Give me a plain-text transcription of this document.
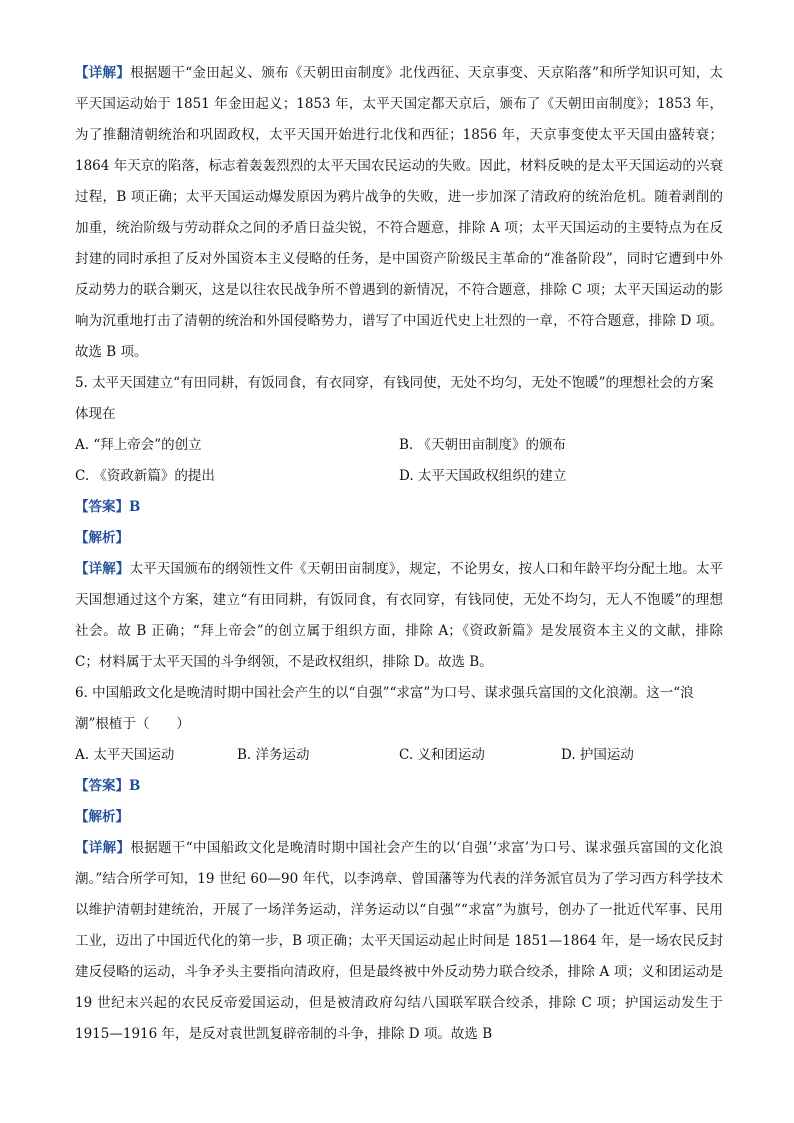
【详解】根据题干“金田起义、颁布《天朝田亩制度》北伐西征、天京事变、天京陷落”和所学知识可知，太平天国运动始于 1851 年金田起义；1853 年，太平天国定都天京后，颁布了《天朝田亩制度》；1853 年，为了推翻清朝统治和巩固政权，太平天国开始进行北伐和西征；1856 年，天京事变使太平天国由盛转衰；1864 年天京的陷落，标志着轰轰烈烈的太平天国农民运动的失败。因此，材料反映的是太平天国运动的兴衰过程，B 项正确；太平天国运动爆发原因为鸦片战争的失败，进一步加深了清政府的统治危机。随着剥削的加重，统治阶级与劳动群众之间的矛盾日益尖锐，不符合题意，排除 A 项；太平天国运动的主要特点为在反封建的同时承担了反对外国资本主义侵略的任务，是中国资产阶级民主革命的“准备阶段”，同时它遭到中外反动势力的联合剿灭，这是以往农民战争所不曾遇到的新情况，不符合题意，排除 C 项；太平天国运动的影响为沉重地打击了清朝的统治和外国侵略势力，谱写了中国近代史上壮烈的一章，不符合题意，排除 D 项。故选 B 项。

5. 太平天国建立“有田同耕，有饭同食，有衣同穿，有钱同使，无处不均匀，无处不饱暖”的理想社会的方案体现在

A. “拜上帝会”的创立	B. 《天朝田亩制度》的颁布
C. 《资政新篇》的提出	D. 太平天国政权组织的建立

【答案】B

【解析】

【详解】太平天国颁布的纲领性文件《天朝田亩制度》，规定，不论男女，按人口和年龄平均分配土地。太平天国想通过这个方案，建立“有田同耕，有饭同食，有衣同穿，有钱同使，无处不均匀，无人不饱暖”的理想社会。故 B 正确；“拜上帝会”的创立属于组织方面，排除 A；《资政新篇》是发展资本主义的文献，排除 C；材料属于太平天国的斗争纲领，不是政权组织，排除 D。故选 B。

6. 中国船政文化是晚清时期中国社会产生的以“自强”“求富”为口号、谋求强兵富国的文化浪潮。这一“浪潮”根植于（　　）

A. 太平天国运动	B. 洋务运动	C. 义和团运动	D. 护国运动

【答案】B

【解析】

【详解】根据题干“中国船政文化是晚清时期中国社会产生的以‘自强’‘求富’为口号、谋求强兵富国的文化浪潮。”结合所学可知，19 世纪 60—90 年代，以李鸿章、曾国藩等为代表的洋务派官员为了学习西方科学技术以维护清朝封建统治，开展了一场洋务运动，洋务运动以“自强”“求富”为旗号，创办了一批近代军事、民用工业，迈出了中国近代化的第一步，B 项正确；太平天国运动起止时间是 1851—1864 年，是一场农民反封建反侵略的运动，斗争矛头主要指向清政府，但是最终被中外反动势力联合绞杀，排除 A 项；义和团运动是 19 世纪末兴起的农民反帝爱国运动，但是被清政府勾结八国联军联合绞杀，排除 C 项；护国运动发生于 1915—1916 年，是反对袁世凯复辟帝制的斗争，排除 D 项。故选 B
